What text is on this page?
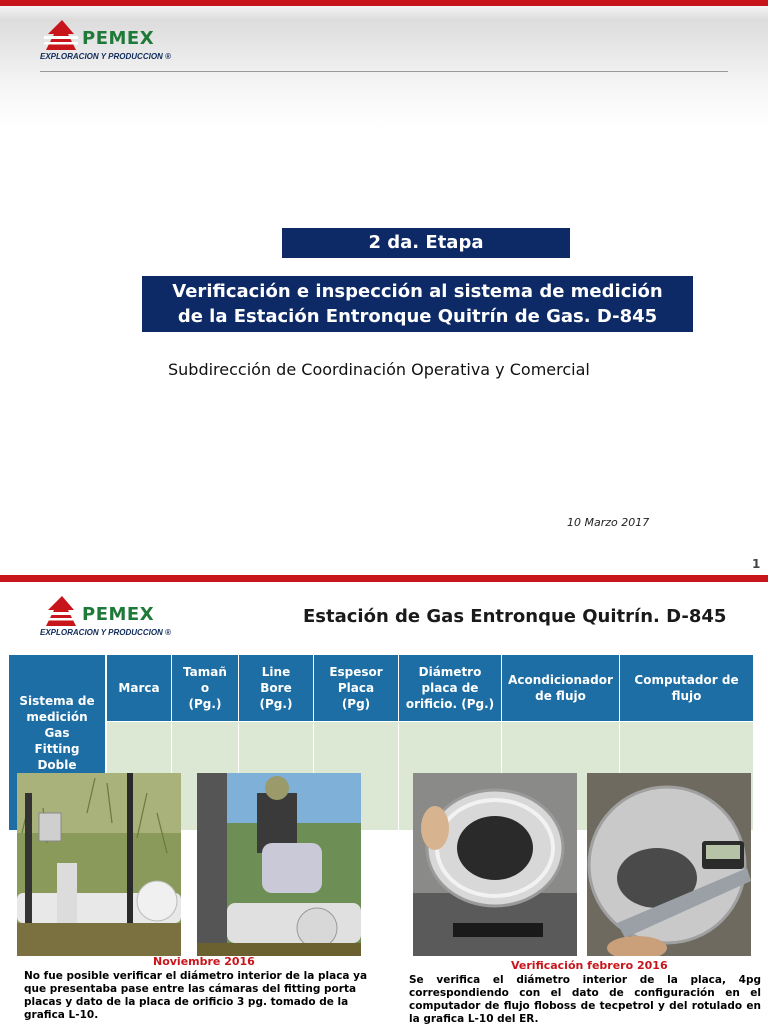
PEMEX
EXPLORACION Y PRODUCCION ®
2 da. Etapa
Verificación e inspección al sistema de medición
de la Estación Entronque Quitrín de Gas. D-845
Subdirección de Coordinación Operativa y Comercial
10 Marzo 2017
1
PEMEX
EXPLORACION Y PRODUCCION ®
Estación de Gas Entronque Quitrín. D-845
Sistema de
medición
Gas
Fitting
Doble
Marca
Tamañ
o
(Pg.)
Line
Bore
(Pg.)
Espesor
Placa
(Pg)
Diámetro
placa de
orificio. (Pg.)
Acondicionador
de flujo
Computador de
flujo
Noviembre 2016
No fue posible verificar el diámetro interior de la placa ya que presentaba pase entre las cámaras del fitting porta placas y dato de la placa de orificio 3 pg. tomado de la grafica L-10.
Verificación febrero 2016
Se verifica el diámetro interior de la placa, 4pg correspondiendo con el dato de configuración en el computador de flujo floboss de tecpetrol y del rotulado en la grafica L-10 del ER.
